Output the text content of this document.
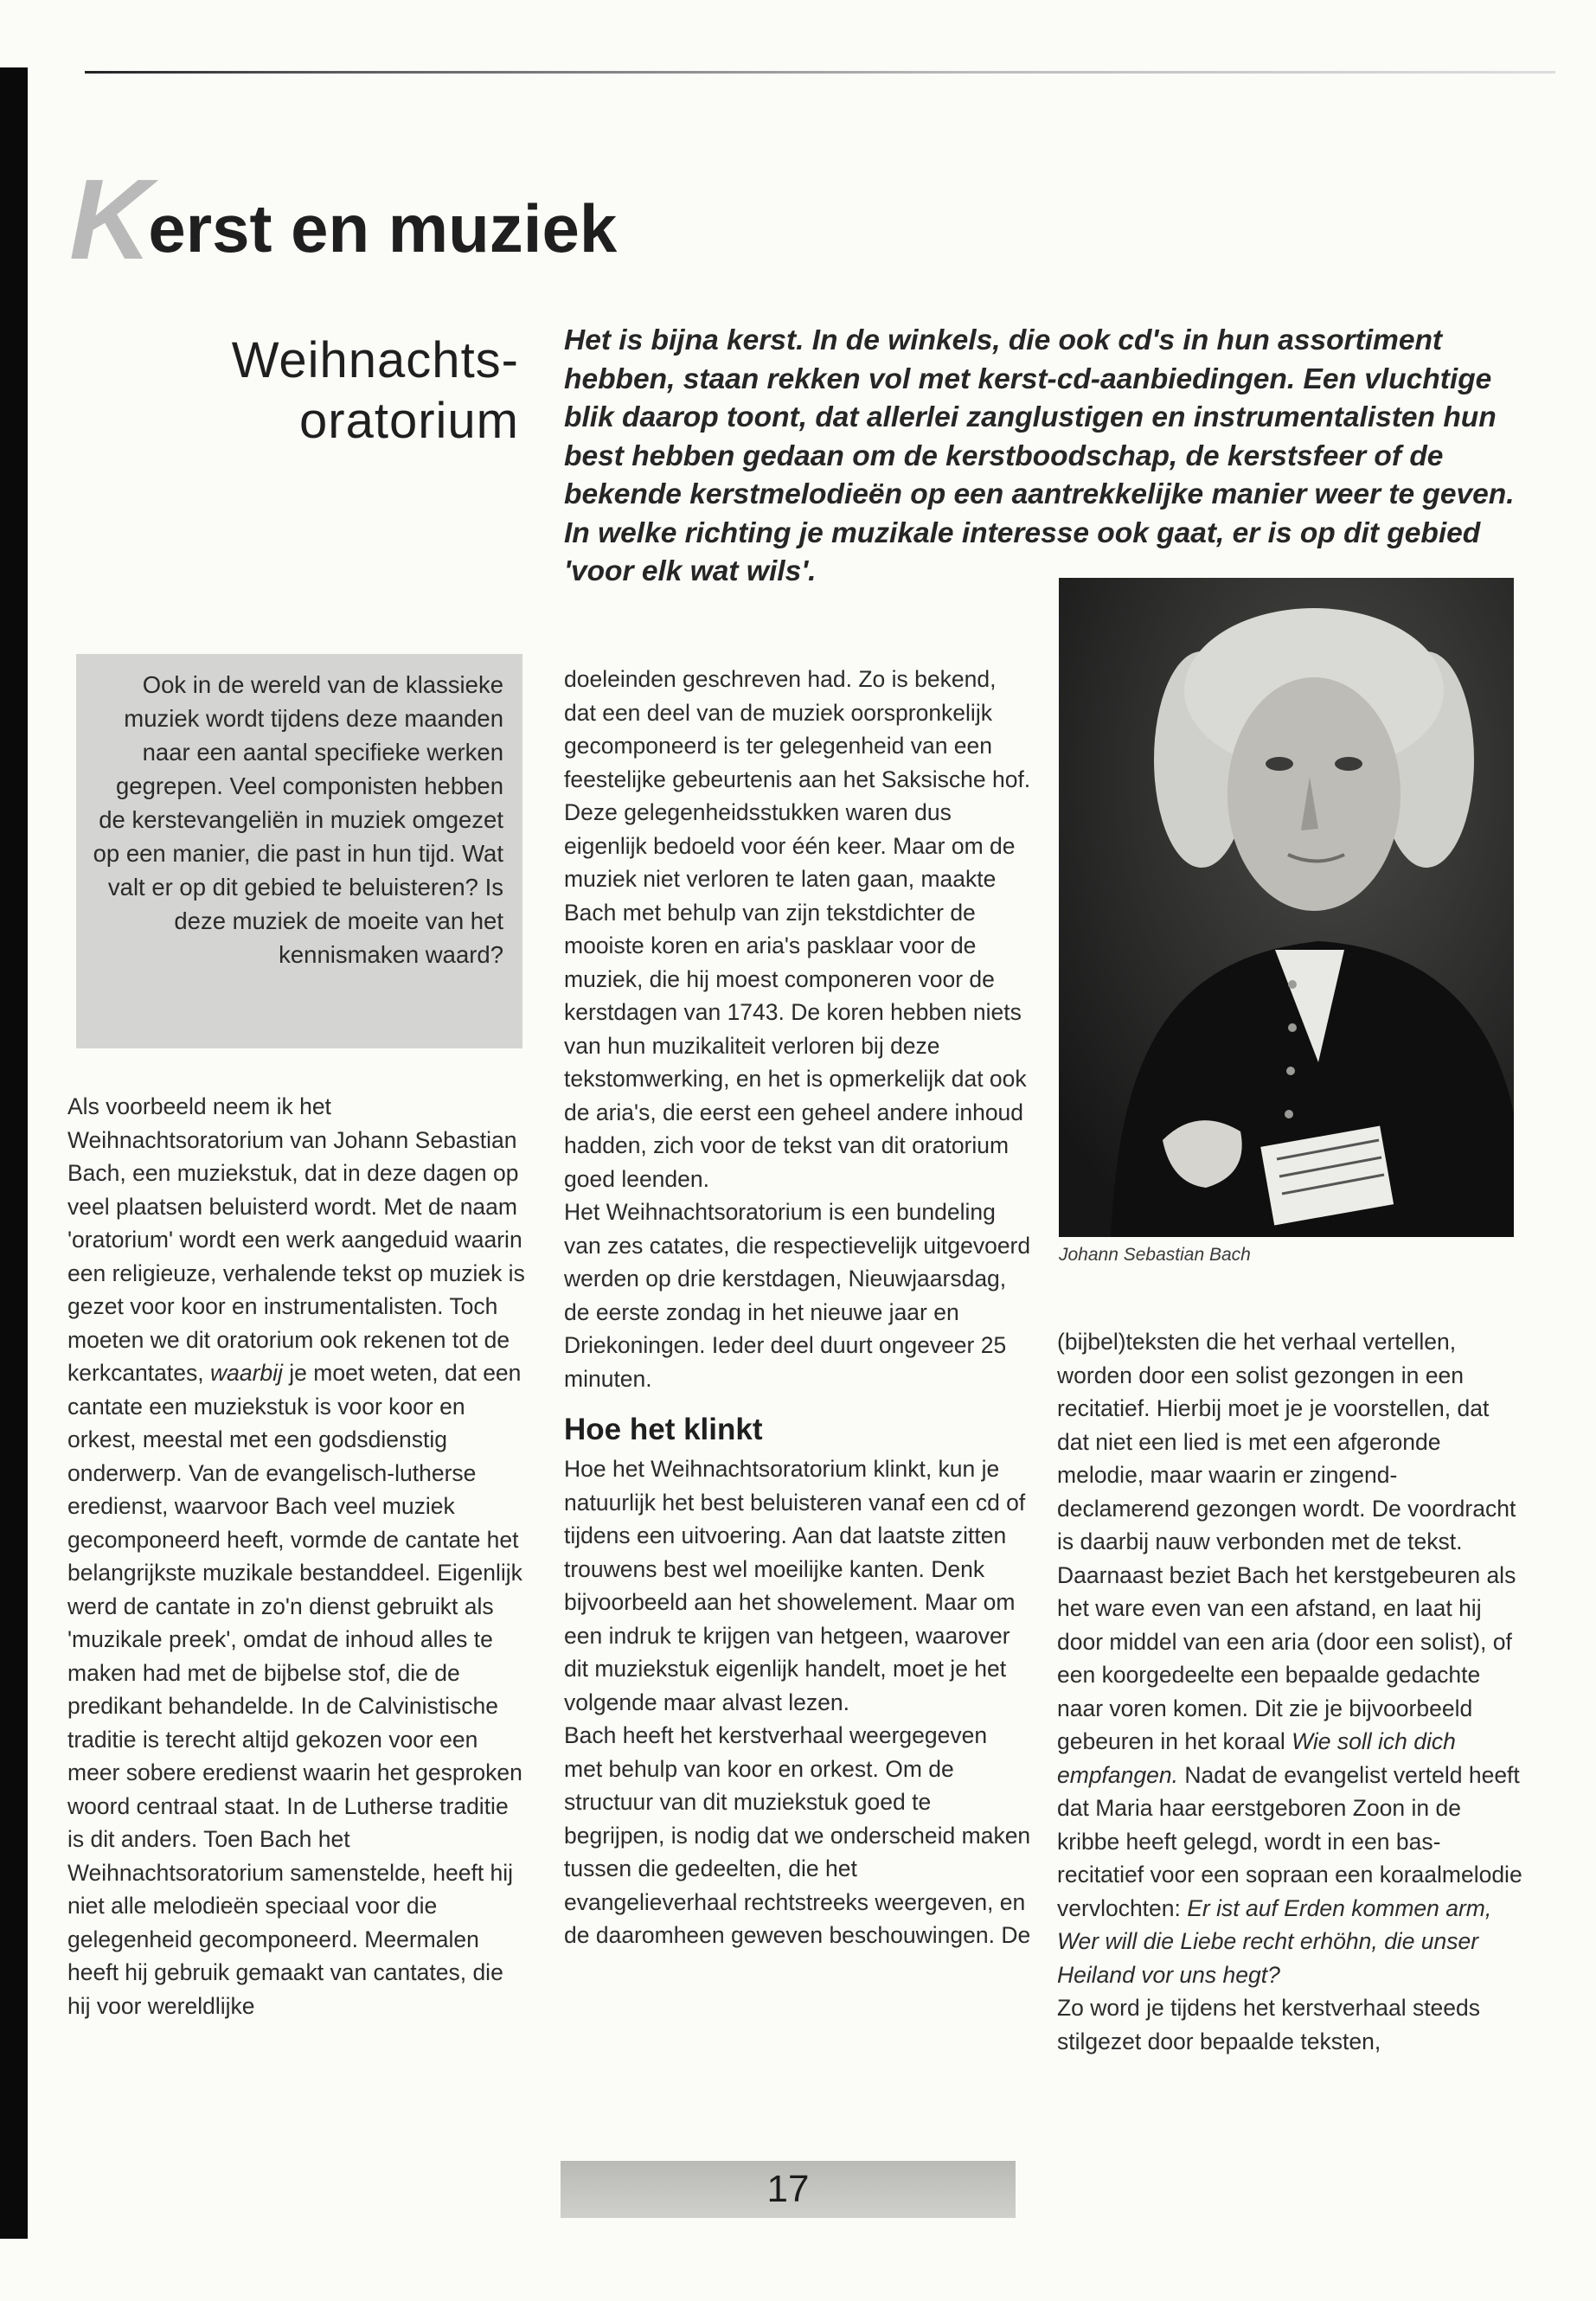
Kerst en muziek
Weihnachts-
oratorium

Het is bijna kerst. In de winkels, die ook cd's in hun assortiment hebben, staan rekken vol met kerst-cd-aanbiedingen. Een vluchtige blik daarop toont, dat allerlei zanglustigen en instrumentalisten hun best hebben gedaan om de kerstboodschap, de kerstsfeer of de bekende kerstmelodieën op een aantrekkelijke manier weer te geven. In welke richting je muzikale interesse ook gaat, er is op dit gebied 'voor elk wat wils'.

Ook in de wereld van de klassieke muziek wordt tijdens deze maanden naar een aantal specifieke werken gegrepen. Veel componisten hebben de kerstevangeliën in muziek omgezet op een manier, die past in hun tijd. Wat valt er op dit gebied te beluisteren? Is deze muziek de moeite van het kennismaken waard?

Als voorbeeld neem ik het Weihnachtsoratorium van Johann Sebastian Bach, een muziekstuk, dat in deze dagen op veel plaatsen beluisterd wordt. Met de naam 'oratorium' wordt een werk aangeduid waarin een religieuze, verhalende tekst op muziek is gezet voor koor en instrumentalisten. Toch moeten we dit oratorium ook rekenen tot de kerkcantates, waarbij je moet weten, dat een cantate een muziekstuk is voor koor en orkest, meestal met een godsdienstig onderwerp. Van de evangelisch-lutherse eredienst, waarvoor Bach veel muziek gecomponeerd heeft, vormde de cantate het belangrijkste muzikale bestanddeel. Eigenlijk werd de cantate in zo'n dienst gebruikt als 'muzikale preek', omdat de inhoud alles te maken had met de bijbelse stof, die de predikant behandelde. In de Calvinistische traditie is terecht altijd gekozen voor een meer sobere eredienst waarin het gesproken woord centraal staat. In de Lutherse traditie is dit anders. Toen Bach het Weihnachtsoratorium samenstelde, heeft hij niet alle melodieën speciaal voor die gelegenheid gecomponeerd. Meermalen heeft hij gebruik gemaakt van cantates, die hij voor wereldlijke

doeleinden geschreven had. Zo is bekend, dat een deel van de muziek oorspronkelijk gecomponeerd is ter gelegenheid van een feestelijke gebeurtenis aan het Saksische hof. Deze gelegenheidsstukken waren dus eigenlijk bedoeld voor één keer. Maar om de muziek niet verloren te laten gaan, maakte Bach met behulp van zijn tekstdichter de mooiste koren en aria's pasklaar voor de muziek, die hij moest componeren voor de kerstdagen van 1743. De koren hebben niets van hun muzikaliteit verloren bij deze tekstomwerking, en het is opmerkelijk dat ook de aria's, die eerst een geheel andere inhoud hadden, zich voor de tekst van dit oratorium goed leenden.

Het Weihnachtsoratorium is een bundeling van zes catates, die respectievelijk uitgevoerd werden op drie kerstdagen, Nieuwjaarsdag, de eerste zondag in het nieuwe jaar en Driekoningen. Ieder deel duurt ongeveer 25 minuten.

Hoe het klinkt

Hoe het Weihnachtsoratorium klinkt, kun je natuurlijk het best beluisteren vanaf een cd of tijdens een uitvoering. Aan dat laatste zitten trouwens best wel moeilijke kanten. Denk bijvoorbeeld aan het showelement. Maar om een indruk te krijgen van hetgeen, waarover dit muziekstuk eigenlijk handelt, moet je het volgende maar alvast lezen.

Bach heeft het kerstverhaal weergegeven met behulp van koor en orkest. Om de structuur van dit muziekstuk goed te begrijpen, is nodig dat we onderscheid maken tussen die gedeelten, die het evangelieverhaal rechtstreeks weergeven, en de daaromheen geweven beschouwingen. De

Johann Sebastian Bach

(bijbel)teksten die het verhaal vertellen, worden door een solist gezongen in een recitatief. Hierbij moet je je voorstellen, dat dat niet een lied is met een afgeronde melodie, maar waarin er zingend-declamerend gezongen wordt. De voordracht is daarbij nauw verbonden met de tekst.

Daarnaast beziet Bach het kerstgebeuren als het ware even van een afstand, en laat hij door middel van een aria (door een solist), of een koorgedeelte een bepaalde gedachte naar voren komen. Dit zie je bijvoorbeeld gebeuren in het koraal Wie soll ich dich empfangen. Nadat de evangelist verteld heeft dat Maria haar eerstgeboren Zoon in de kribbe heeft gelegd, wordt in een bas-recitatief voor een sopraan een koraalmelodie vervlochten: Er ist auf Erden kommen arm, Wer will die Liebe recht erhöhn, die unser Heiland vor uns hegt?

Zo word je tijdens het kerstverhaal steeds stilgezet door bepaalde teksten,

17
